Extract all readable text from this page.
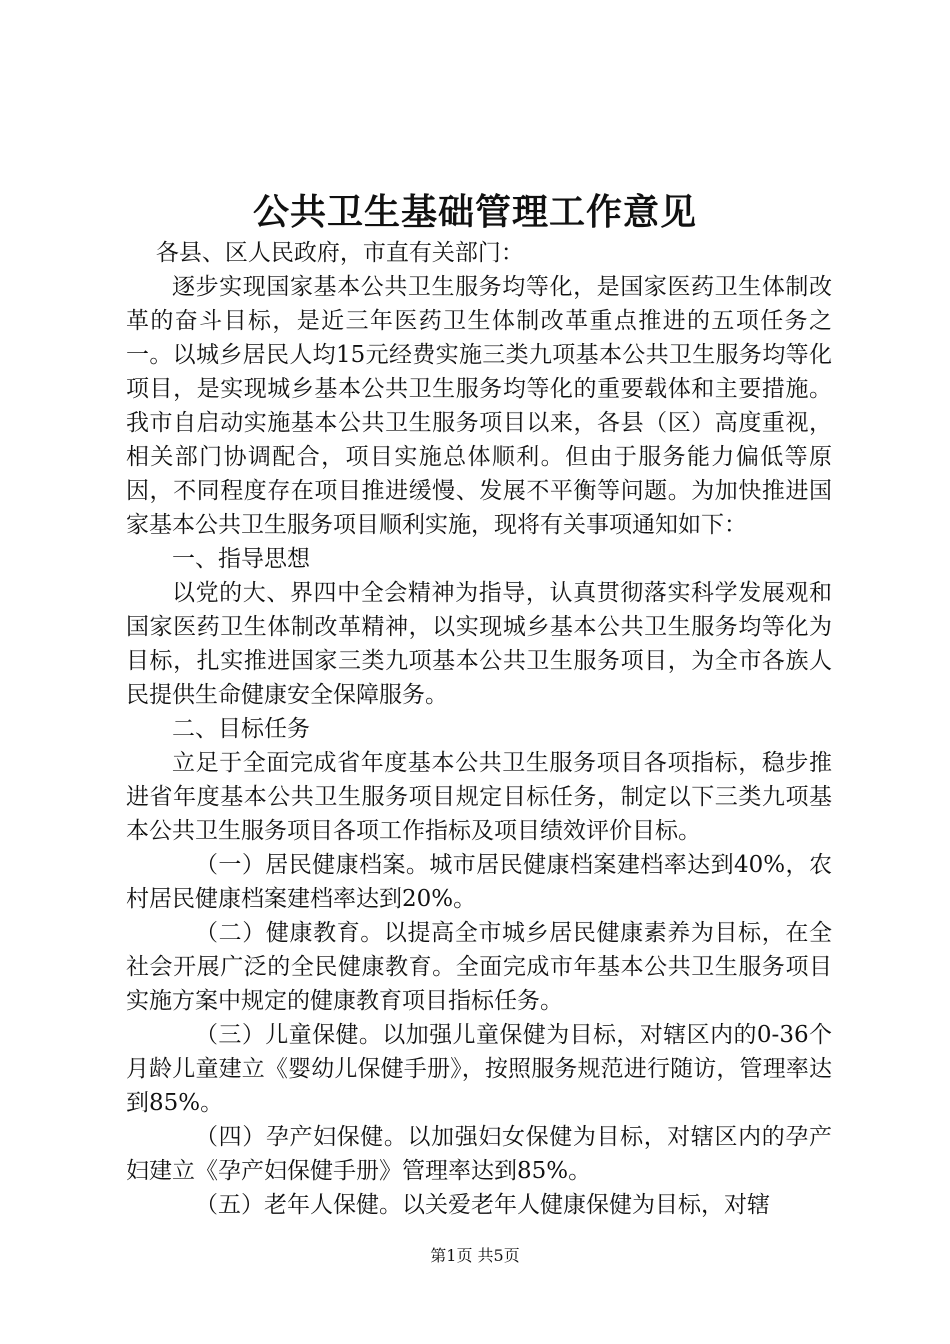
公共卫生基础管理工作意见

各县、区人民政府，市直有关部门：

逐步实现国家基本公共卫生服务均等化，是国家医药卫生体制改革的奋斗目标，是近三年医药卫生体制改革重点推进的五项任务之一。以城乡居民人均15元经费实施三类九项基本公共卫生服务均等化项目，是实现城乡基本公共卫生服务均等化的重要载体和主要措施。我市自启动实施基本公共卫生服务项目以来，各县（区）高度重视，相关部门协调配合，项目实施总体顺利。但由于服务能力偏低等原因，不同程度存在项目推进缓慢、发展不平衡等问题。为加快推进国家基本公共卫生服务项目顺利实施，现将有关事项通知如下：

一、指导思想

以党的大、界四中全会精神为指导，认真贯彻落实科学发展观和国家医药卫生体制改革精神，以实现城乡基本公共卫生服务均等化为目标，扎实推进国家三类九项基本公共卫生服务项目，为全市各族人民提供生命健康安全保障服务。

二、目标任务

立足于全面完成省年度基本公共卫生服务项目各项指标，稳步推进省年度基本公共卫生服务项目规定目标任务，制定以下三类九项基本公共卫生服务项目各项工作指标及项目绩效评价目标。

（一）居民健康档案。城市居民健康档案建档率达到40%，农村居民健康档案建档率达到20%。

（二）健康教育。以提高全市城乡居民健康素养为目标，在全社会开展广泛的全民健康教育。全面完成市年基本公共卫生服务项目实施方案中规定的健康教育项目指标任务。

（三）儿童保健。以加强儿童保健为目标，对辖区内的0-36个月龄儿童建立《婴幼儿保健手册》，按照服务规范进行随访，管理率达到85%。

（四）孕产妇保健。以加强妇女保健为目标，对辖区内的孕产妇建立《孕产妇保健手册》管理率达到85%。

（五）老年人保健。以关爱老年人健康保健为目标，对辖

第1页 共5页
